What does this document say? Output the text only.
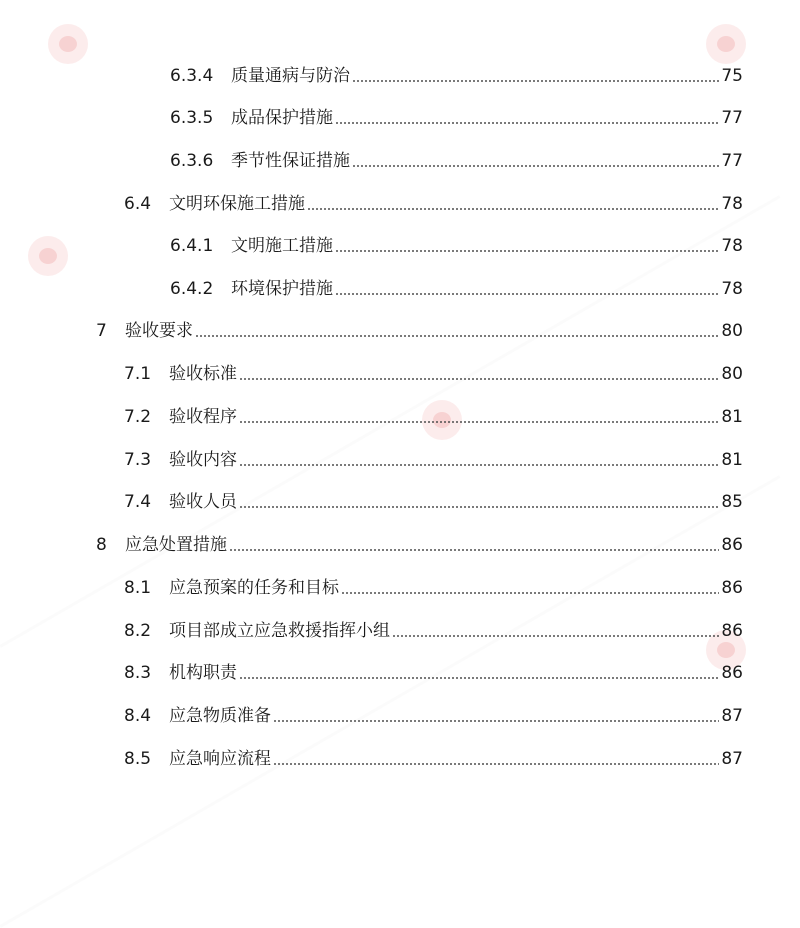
6.3.4	质量通病与防治	75
6.3.5	成品保护措施	77
6.3.6	季节性保证措施	77
6.4	文明环保施工措施	78
6.4.1	文明施工措施	78
6.4.2	环境保护措施	78
7	验收要求	80
7.1	验收标准	80
7.2	验收程序	81
7.3	验收内容	81
7.4	验收人员	85
8	应急处置措施	86
8.1	应急预案的任务和目标	86
8.2	项目部成立应急救援指挥小组	86
8.3	机构职责	86
8.4	应急物质准备	87
8.5	应急响应流程	87
